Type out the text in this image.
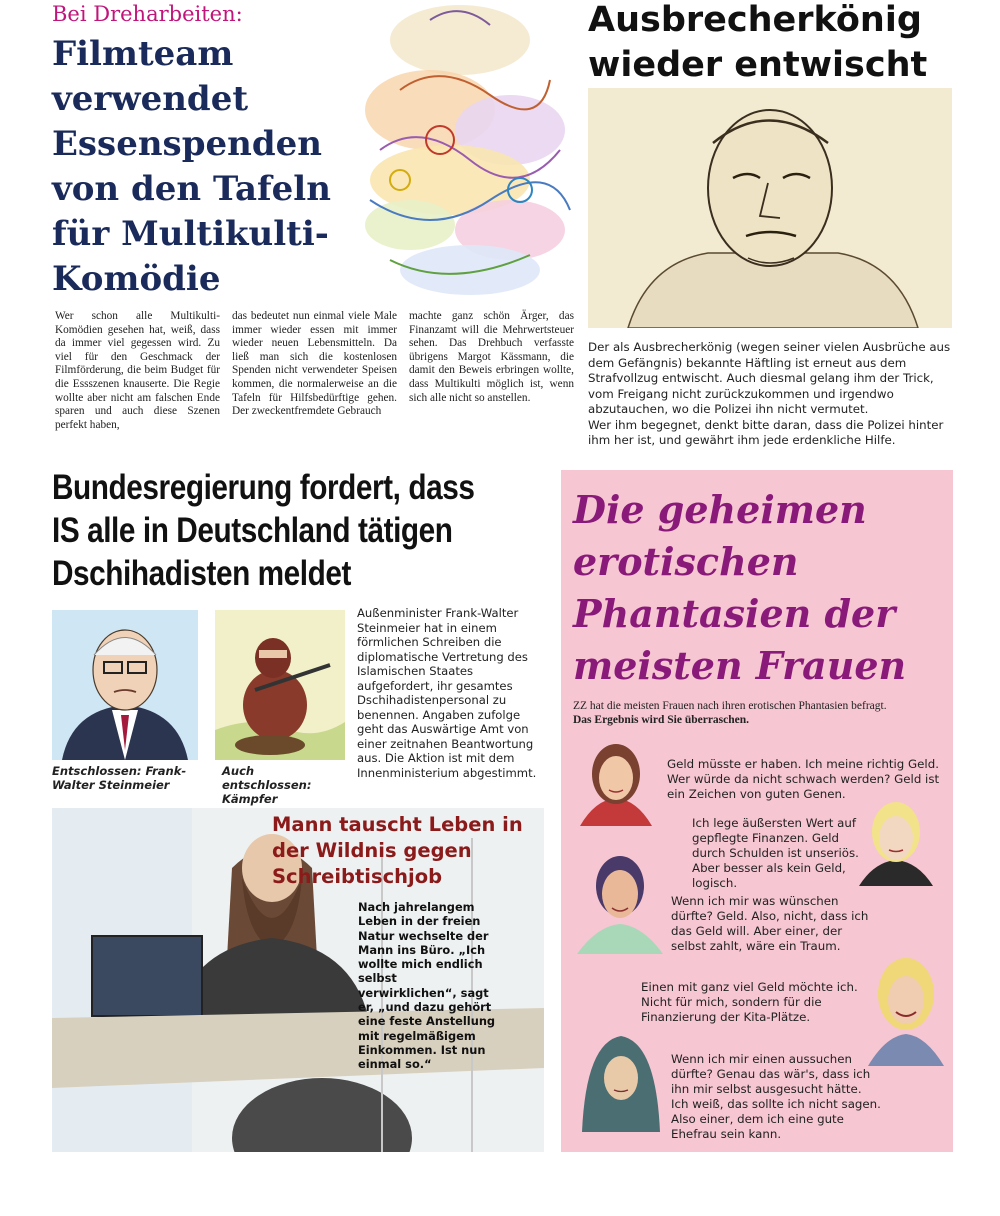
Bei Dreharbeiten:
Filmteam verwendet Essenspenden von den Tafeln für Multikulti-Komödie
Wer schon alle Multikulti-Komödien gesehen hat, weiß, dass da immer viel gegessen wird. Zu viel für den Geschmack der Filmförderung, die beim Budget für die Essszenen knauserte. Die Regie wollte aber nicht am falschen Ende sparen und auch diese Szenen perfekt haben,
das bedeutet nun einmal viele Male immer wieder essen mit immer wieder neuen Lebensmitteln. Da ließ man sich die kostenlosen Spenden nicht verwendeter Speisen kommen, die normalerweise an die Tafeln für Hilfsbedürftige gehen. Der zweckentfremdete Gebrauch
machte ganz schön Ärger, das Finanzamt will die Mehrwertsteuer sehen. Das Drehbuch verfasste übrigens Margot Kässmann, die damit den Beweis erbringen wollte, dass Multikulti möglich ist, wenn sich alle nicht so anstellen.
Ausbrecherkönig wieder entwischt
Der als Ausbrecherkönig (wegen seiner vielen Ausbrüche aus dem Gefängnis) bekannte Häftling ist erneut aus dem Strafvollzug entwischt. Auch diesmal gelang ihm der Trick, vom Freigang nicht zurückzukommen und irgendwo abzutauchen, wo die Polizei ihn nicht vermutet.
Wer ihm begegnet, denkt bitte daran, dass die Polizei hinter ihm her ist, und gewährt ihm jede erdenkliche Hilfe.
Bundesregierung fordert, dass IS alle in Deutschland tätigen Dschihadisten meldet
Entschlossen: Frank-Walter Steinmeier
Auch entschlossen: Kämpfer
Außenminister Frank-Walter Steinmeier hat in einem förmlichen Schreiben die diplomatische Vertretung des Islamischen Staates aufgefordert, ihr gesamtes Dschihadistenpersonal zu benennen. Angaben zufolge geht das Auswärtige Amt von einer zeitnahen Beantwortung aus. Die Aktion ist mit dem Innenministerium abgestimmt.
Mann tauscht Leben in der Wildnis gegen Schreibtischjob
Nach jahrelangem Leben in der freien Natur wechselte der Mann ins Büro. „Ich wollte mich endlich selbst verwirklichen“, sagt er, „und dazu gehört eine feste Anstellung mit regelmäßigem Einkommen. Ist nun einmal so.“
Die geheimen erotischen Phantasien der meisten Frauen
ZZ hat die meisten Frauen nach ihren erotischen Phantasien befragt.
Das Ergebnis wird Sie überraschen.
Geld müsste er haben. Ich meine richtig Geld. Wer würde da nicht schwach werden? Geld ist ein Zeichen von guten Genen.
Ich lege äußersten Wert auf gepflegte Finanzen. Geld durch Schulden ist unseriös. Aber besser als kein Geld, logisch.
Wenn ich mir was wünschen dürfte? Geld. Also, nicht, dass ich das Geld will. Aber einer, der selbst zahlt, wäre ein Traum.
Einen mit ganz viel Geld möchte ich. Nicht für mich, sondern für die Finanzierung der Kita-Plätze.
Wenn ich mir einen aussuchen dürfte? Genau das wär's, dass ich ihn mir selbst ausgesucht hätte. Ich weiß, das sollte ich nicht sagen. Also einer, dem ich eine gute Ehefrau sein kann.
